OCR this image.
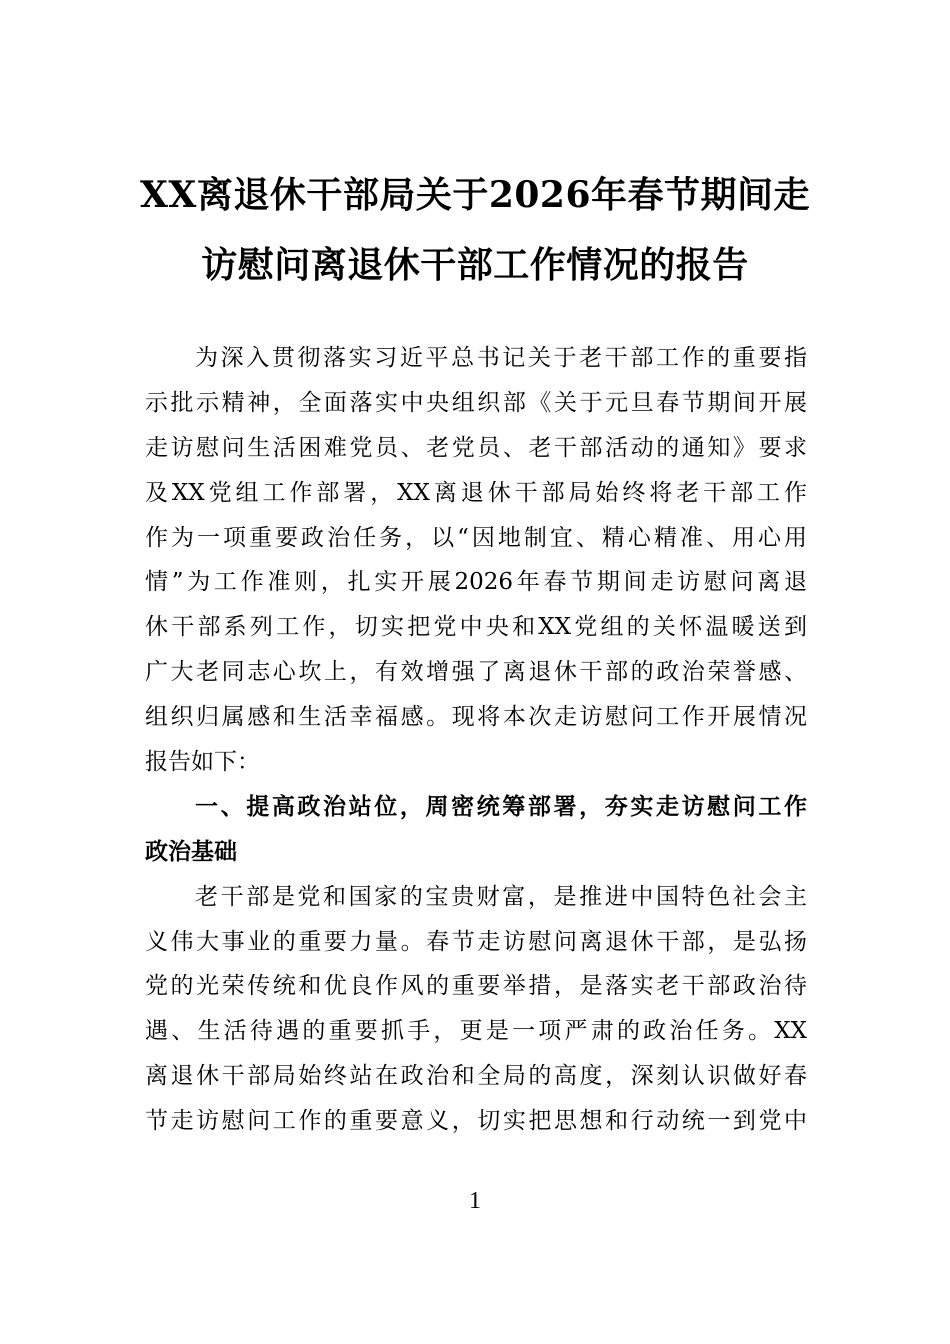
XX离退休干部局关于2026年春节期间走
访慰问离退休干部工作情况的报告
为深入贯彻落实习近平总书记关于老干部工作的重要指
示批示精神，全面落实中央组织部《关于元旦春节期间开展
走访慰问生活困难党员、老党员、老干部活动的通知》要求
及XX党组工作部署，XX离退休干部局始终将老干部工作
作为一项重要政治任务，以“因地制宜、精心精准、用心用
情”为工作准则，扎实开展2026年春节期间走访慰问离退
休干部系列工作，切实把党中央和XX党组的关怀温暖送到
广大老同志心坎上，有效增强了离退休干部的政治荣誉感、
组织归属感和生活幸福感。现将本次走访慰问工作开展情况
报告如下：
一、提高政治站位，周密统筹部署，夯实走访慰问工作
政治基础
老干部是党和国家的宝贵财富，是推进中国特色社会主
义伟大事业的重要力量。春节走访慰问离退休干部，是弘扬
党的光荣传统和优良作风的重要举措，是落实老干部政治待
遇、生活待遇的重要抓手，更是一项严肃的政治任务。XX
离退休干部局始终站在政治和全局的高度，深刻认识做好春
节走访慰问工作的重要意义，切实把思想和行动统一到党中
1
